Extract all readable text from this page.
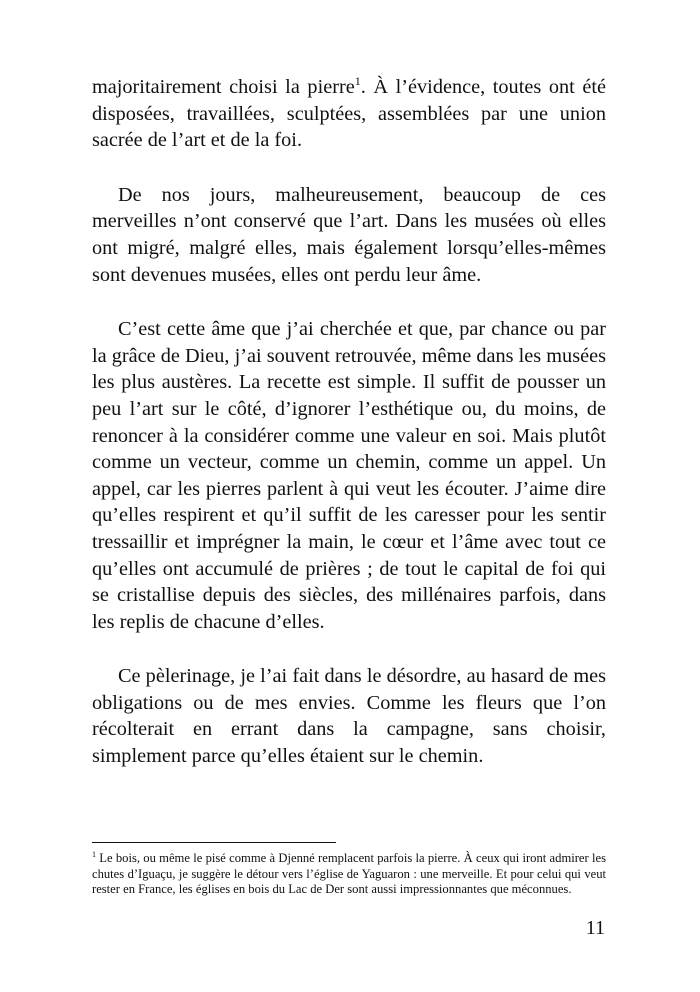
majoritairement choisi la pierre$^1$. À l’évidence, toutes ont été disposées, travaillées, sculptées, assemblées par une union sacrée de l’art et de la foi.

De nos jours, malheureusement, beaucoup de ces merveilles n’ont conservé que l’art. Dans les musées où elles ont migré, malgré elles, mais également lorsqu’elles-mêmes sont devenues musées, elles ont perdu leur âme.

C’est cette âme que j’ai cherchée et que, par chance ou par la grâce de Dieu, j’ai souvent retrouvée, même dans les musées les plus austères. La recette est simple. Il suffit de pousser un peu l’art sur le côté, d’ignorer l’esthétique ou, du moins, de renoncer à la considérer comme une valeur en soi. Mais plutôt comme un vecteur, comme un chemin, comme un appel. Un appel, car les pierres parlent à qui veut les écouter. J’aime dire qu’elles respirent et qu’il suffit de les caresser pour les sentir tressaillir et imprégner la main, le cœur et l’âme avec tout ce qu’elles ont accumulé de prières ; de tout le capital de foi qui se cristallise depuis des siècles, des millénaires parfois, dans les replis de chacune d’elles.

Ce pèlerinage, je l’ai fait dans le désordre, au hasard de mes obligations ou de mes envies. Comme les fleurs que l’on récolterait en errant dans la campagne, sans choisir, simplement parce qu’elles étaient sur le chemin.

$^1$ Le bois, ou même le pisé comme à Djenné remplacent parfois la pierre. À ceux qui iront admirer les chutes d’Iguaçu, je suggère le détour vers l’église de Yaguaron : une merveille. Et pour celui qui veut rester en France, les églises en bois du Lac de Der sont aussi impressionnantes que méconnues.

11
